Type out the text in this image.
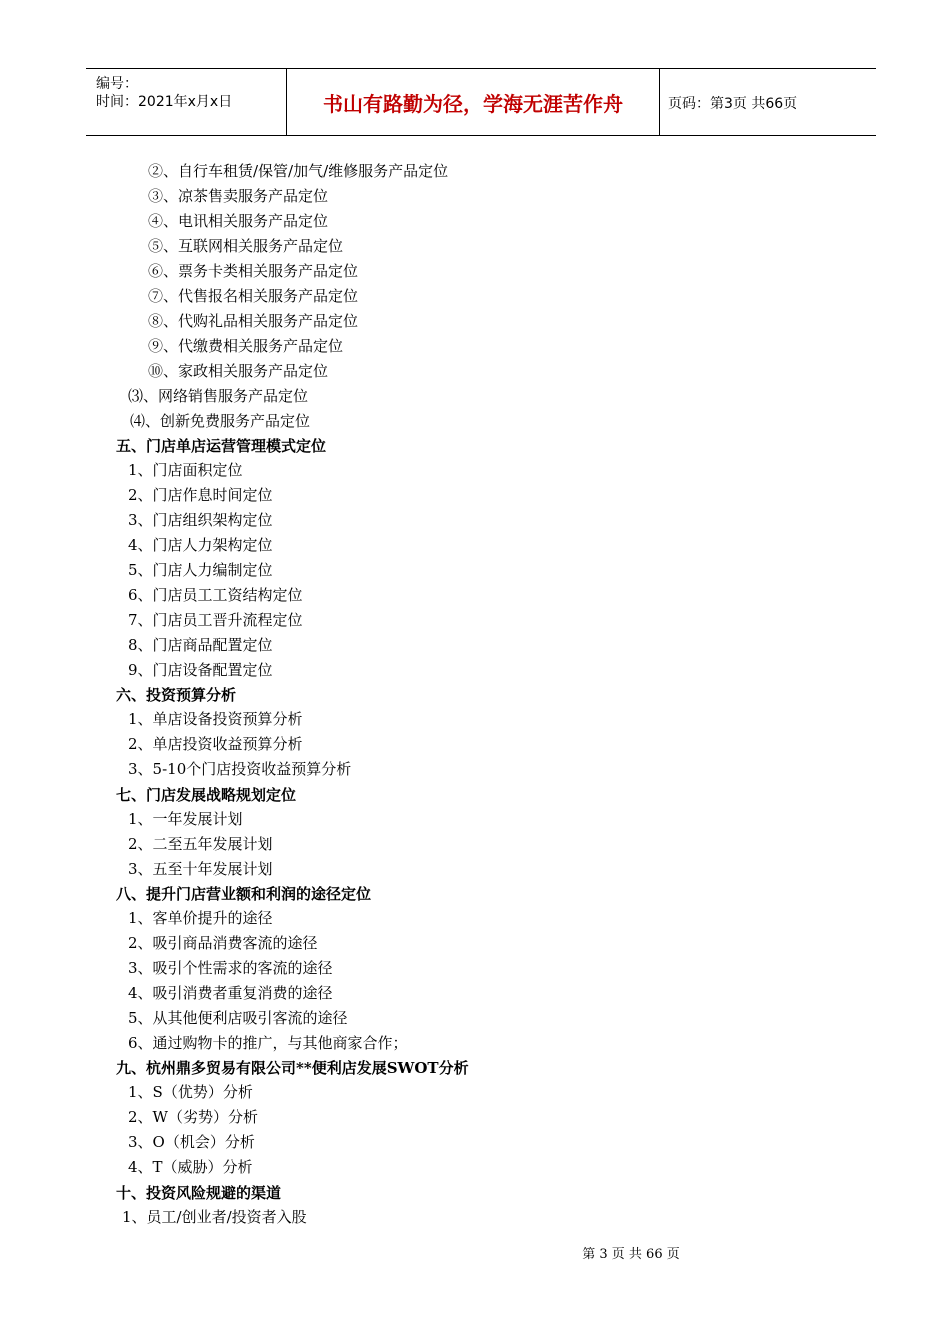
编号：
时间：2021年x月x日	书山有路勤为径，学海无涯苦作舟	页码：第3页 共66页
②、自行车租赁/保管/加气/维修服务产品定位
③、凉茶售卖服务产品定位
④、电讯相关服务产品定位
⑤、互联网相关服务产品定位
⑥、票务卡类相关服务产品定位
⑦、代售报名相关服务产品定位
⑧、代购礼品相关服务产品定位
⑨、代缴费相关服务产品定位
⑩、家政相关服务产品定位
⑶、网络销售服务产品定位
⑷、创新免费服务产品定位
五、门店单店运营管理模式定位
1、门店面积定位
2、门店作息时间定位
3、门店组织架构定位
4、门店人力架构定位
5、门店人力编制定位
6、门店员工工资结构定位
7、门店员工晋升流程定位
8、门店商品配置定位
9、门店设备配置定位
六、投资预算分析
1、单店设备投资预算分析
2、单店投资收益预算分析
3、5-10个门店投资收益预算分析
七、门店发展战略规划定位
1、一年发展计划
2、二至五年发展计划
3、五至十年发展计划
八、提升门店营业额和利润的途径定位
1、客单价提升的途径
2、吸引商品消费客流的途径
3、吸引个性需求的客流的途径
4、吸引消费者重复消费的途径
5、从其他便利店吸引客流的途径
6、通过购物卡的推广，与其他商家合作；
九、杭州鼎多贸易有限公司**便利店发展SWOT分析
1、S（优势）分析
2、W（劣势）分析
3、O（机会）分析
4、T（威胁）分析
十、投资风险规避的渠道
1、员工/创业者/投资者入股
第 3 页 共 66 页
